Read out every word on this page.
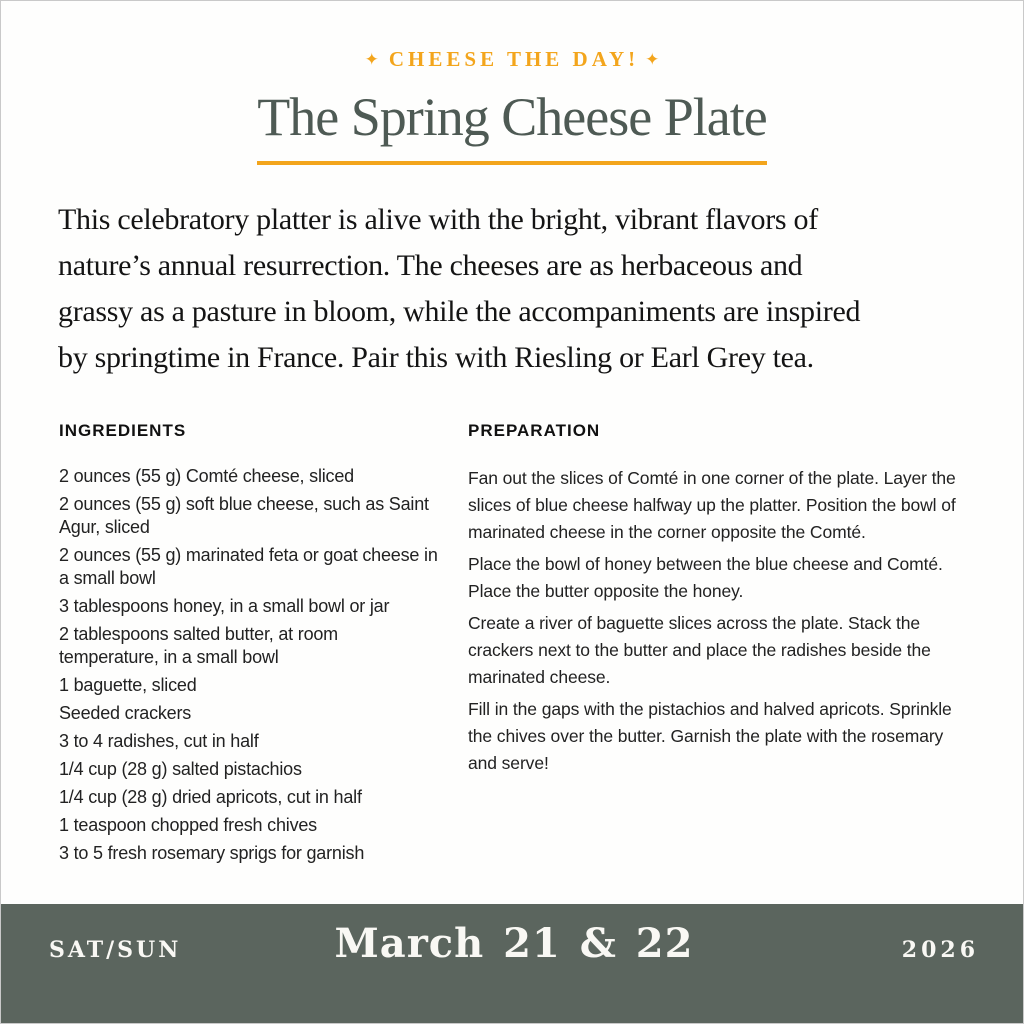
✦ CHEESE THE DAY! ✦
The Spring Cheese Plate
This celebratory platter is alive with the bright, vibrant flavors of
nature’s annual resurrection. The cheeses are as herbaceous and
grassy as a pasture in bloom, while the accompaniments are inspired
by springtime in France. Pair this with Riesling or Earl Grey tea.
INGREDIENTS
2 ounces (55 g) Comté cheese, sliced
2 ounces (55 g) soft blue cheese, such as Saint Agur, sliced
2 ounces (55 g) marinated feta or goat cheese in a small bowl
3 tablespoons honey, in a small bowl or jar
2 tablespoons salted butter, at room temperature, in a small bowl
1 baguette, sliced
Seeded crackers
3 to 4 radishes, cut in half
1/4 cup (28 g) salted pistachios
1/4 cup (28 g) dried apricots, cut in half
1 teaspoon chopped fresh chives
3 to 5 fresh rosemary sprigs for garnish
PREPARATION
Fan out the slices of Comté in one corner of the plate. Layer the slices of blue cheese halfway up the platter. Position the bowl of marinated cheese in the corner opposite the Comté.
Place the bowl of honey between the blue cheese and Comté. Place the butter opposite the honey.
Create a river of baguette slices across the plate. Stack the crackers next to the butter and place the radishes beside the marinated cheese.
Fill in the gaps with the pistachios and halved apricots. Sprinkle the chives over the butter. Garnish the plate with the rosemary and serve!
SAT/SUN	March 21 & 22	2026
